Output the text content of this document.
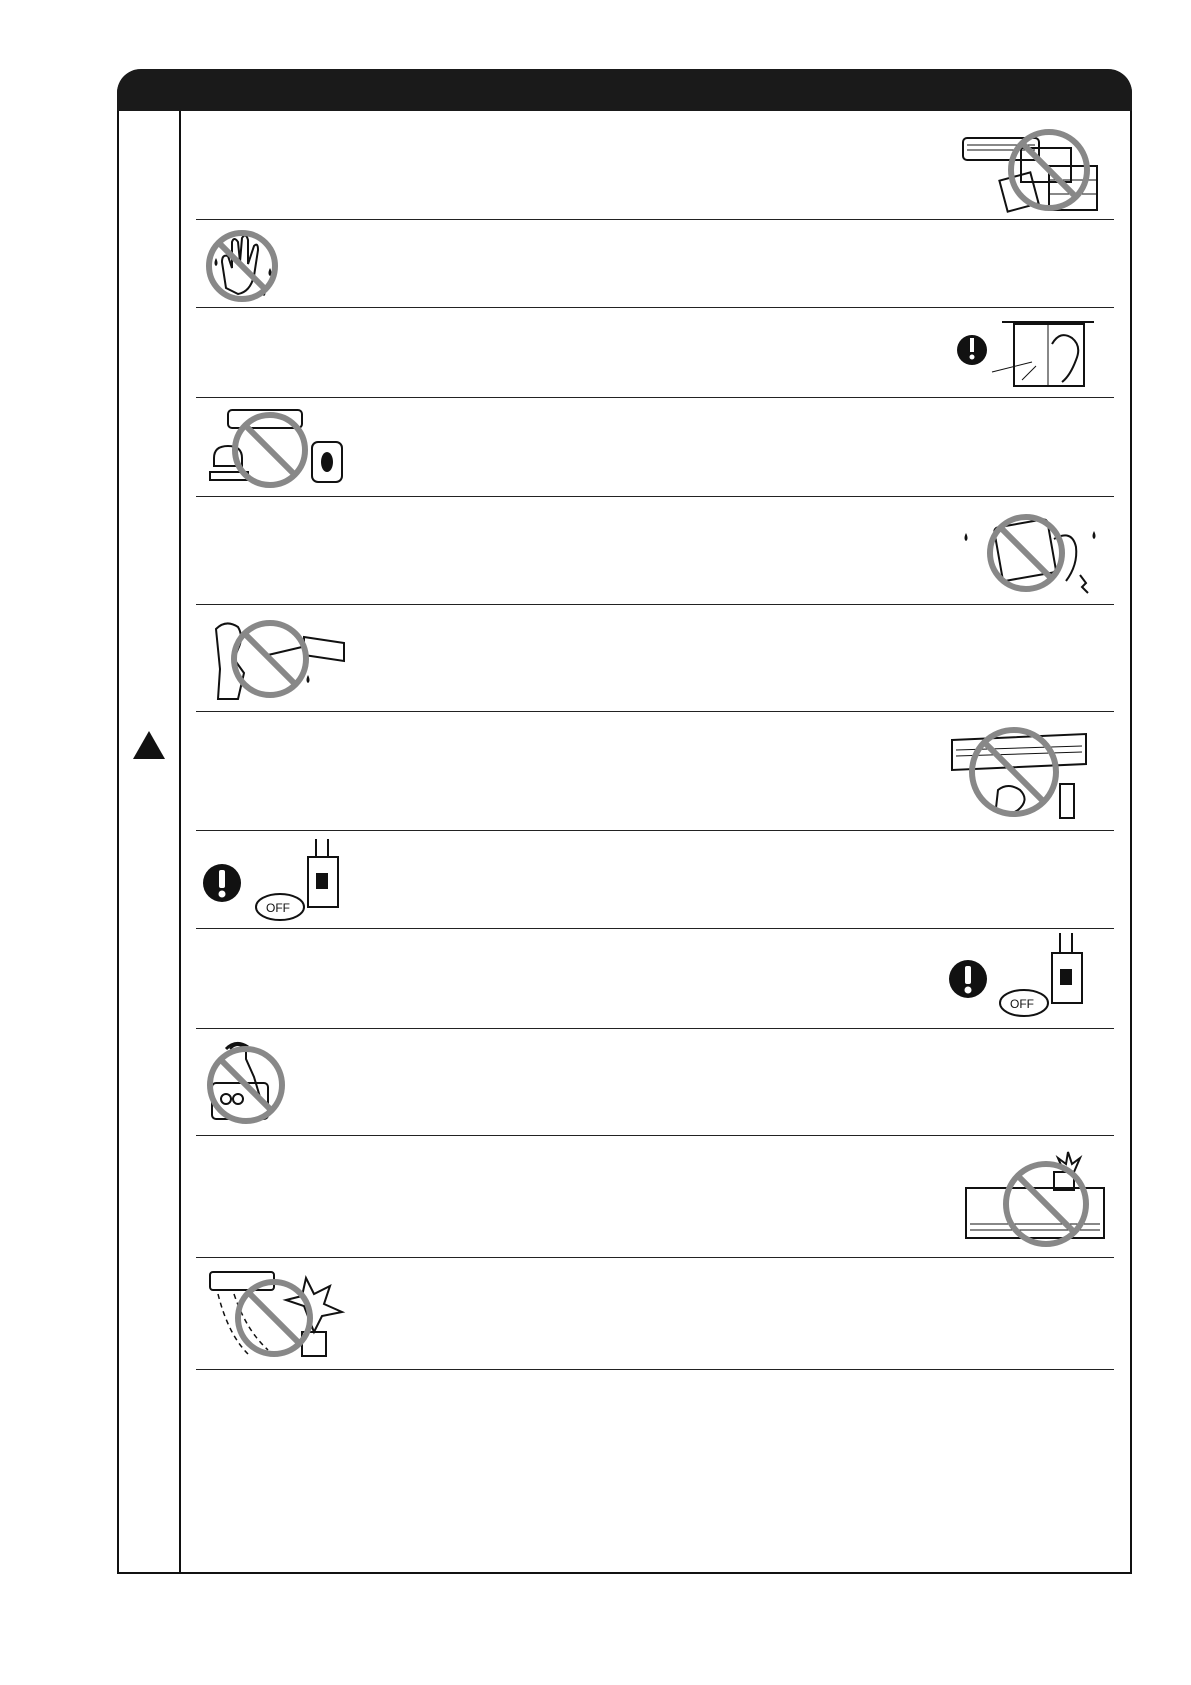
OFF
OFF
